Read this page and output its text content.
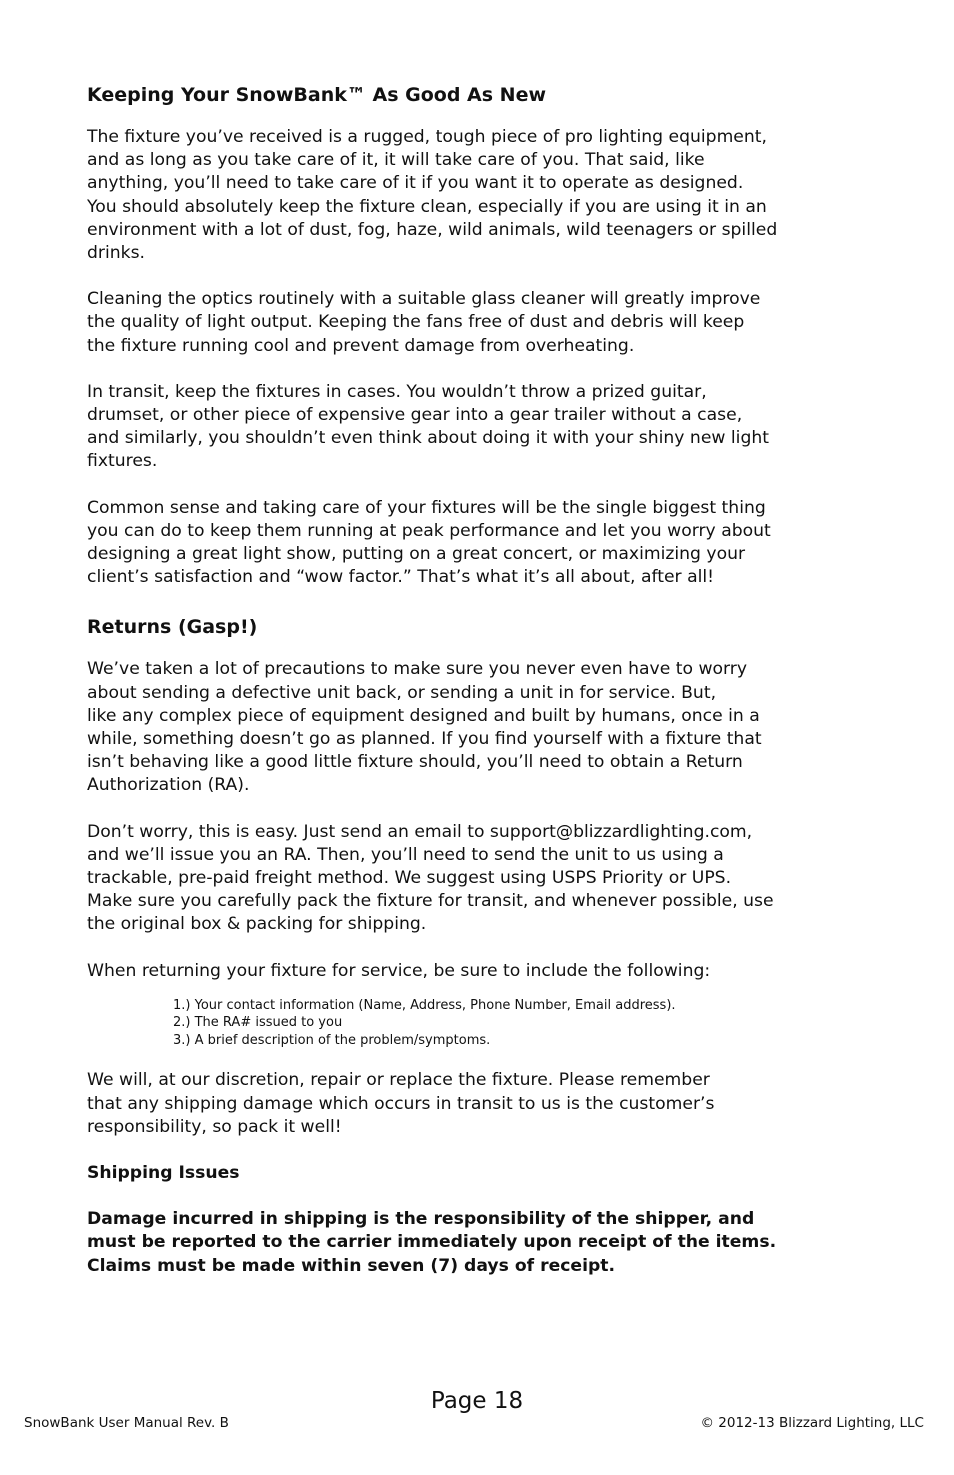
Keeping Your SnowBank™ As Good As New

The fixture you’ve received is a rugged, tough piece of pro lighting equipment,
and as long as you take care of it, it will take care of you. That said, like
anything, you’ll need to take care of it if you want it to operate as designed.
You should absolutely keep the fixture clean, especially if you are using it in an
environment with a lot of dust, fog, haze, wild animals, wild teenagers or spilled
drinks.

Cleaning the optics routinely with a suitable glass cleaner will greatly improve
the quality of light output. Keeping the fans free of dust and debris will keep
the fixture running cool and prevent damage from overheating.

In transit, keep the fixtures in cases. You wouldn’t throw a prized guitar,
drumset, or other piece of expensive gear into a gear trailer without a case,
and similarly, you shouldn’t even think about doing it with your shiny new light
fixtures.

Common sense and taking care of your fixtures will be the single biggest thing
you can do to keep them running at peak performance and let you worry about
designing a great light show, putting on a great concert, or maximizing your
client’s satisfaction and “wow factor.” That’s what it’s all about, after all!

Returns (Gasp!)

We’ve taken a lot of precautions to make sure you never even have to worry
about sending a defective unit back, or sending a unit in for service. But,
like any complex piece of equipment designed and built by humans, once in a
while, something doesn’t go as planned. If you find yourself with a fixture that
isn’t behaving like a good little fixture should, you’ll need to obtain a Return
Authorization (RA).

Don’t worry, this is easy. Just send an email to support@blizzardlighting.com,
and we’ll issue you an RA. Then, you’ll need to send the unit to us using a
trackable, pre-paid freight method. We suggest using USPS Priority or UPS.
Make sure you carefully pack the fixture for transit, and whenever possible, use
the original box & packing for shipping.

When returning your fixture for service, be sure to include the following:

1.) Your contact information (Name, Address, Phone Number, Email address).
2.) The RA# issued to you
3.) A brief description of the problem/symptoms.

We will, at our discretion, repair or replace the fixture. Please remember
that any shipping damage which occurs in transit to us is the customer’s
responsibility, so pack it well!

Shipping Issues

Damage incurred in shipping is the responsibility of the shipper, and
must be reported to the carrier immediately upon receipt of the items.
Claims must be made within seven (7) days of receipt.

Page 18
SnowBank User Manual Rev. B	© 2012-13 Blizzard Lighting, LLC
